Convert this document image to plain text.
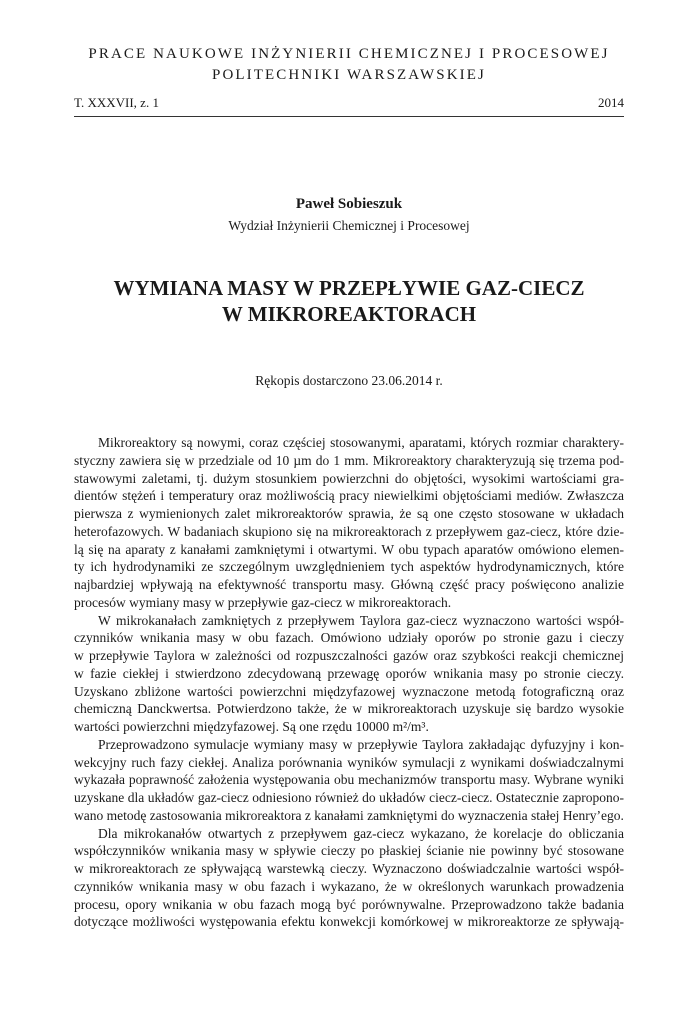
PRACE NAUKOWE INŻYNIERII CHEMICZNEJ I PROCESOWEJ
POLITECHNIKI WARSZAWSKIEJ
T. XXXVII, z. 1	2014
Paweł Sobieszuk
Wydział Inżynierii Chemicznej i Procesowej
WYMIANA MASY W PRZEPŁYWIE GAZ-CIECZ
W MIKROREAKTORACH
Rękopis dostarczono 23.06.2014 r.
Mikroreaktory są nowymi, coraz częściej stosowanymi, aparatami, których rozmiar charaktery-
styczny zawiera się w przedziale od 10 µm do 1 mm. Mikroreaktory charakteryzują się trzema pod-
stawowymi zaletami, tj. dużym stosunkiem powierzchni do objętości, wysokimi wartościami gra-
dientów stężeń i temperatury oraz możliwością pracy niewielkimi objętościami mediów. Zwłaszcza
pierwsza z wymienionych zalet mikroreaktorów sprawia, że są one często stosowane w układach
heterofazowych. W badaniach skupiono się na mikroreaktorach z przepływem gaz-ciecz, które dzie-
lą się na aparaty z kanałami zamkniętymi i otwartymi. W obu typach aparatów omówiono elemen-
ty ich hydrodynamiki ze szczególnym uwzględnieniem tych aspektów hydrodynamicznych, które
najbardziej wpływają na efektywność transportu masy. Główną część pracy poświęcono analizie
procesów wymiany masy w przepływie gaz-ciecz w mikroreaktorach.
W mikrokanałach zamkniętych z przepływem Taylora gaz-ciecz wyznaczono wartości współ-
czynników wnikania masy w obu fazach. Omówiono udziały oporów po stronie gazu i cieczy
w przepływie Taylora w zależności od rozpuszczalności gazów oraz szybkości reakcji chemicznej
w fazie ciekłej i stwierdzono zdecydowaną przewagę oporów wnikania masy po stronie cieczy.
Uzyskano zbliżone wartości powierzchni międzyfazowej wyznaczone metodą fotograficzną oraz
chemiczną Danckwertsa. Potwierdzono także, że w mikroreaktorach uzyskuje się bardzo wysokie
wartości powierzchni międzyfazowej. Są one rzędu 10000 m²/m³.
Przeprowadzono symulacje wymiany masy w przepływie Taylora zakładając dyfuzyjny i kon-
wekcyjny ruch fazy ciekłej. Analiza porównania wyników symulacji z wynikami doświadczalnymi
wykazała poprawność założenia występowania obu mechanizmów transportu masy. Wybrane wyniki
uzyskane dla układów gaz-ciecz odniesiono również do układów ciecz-ciecz. Ostatecznie zapropono-
wano metodę zastosowania mikroreaktora z kanałami zamkniętymi do wyznaczenia stałej Henry’ego.
Dla mikrokanałów otwartych z przepływem gaz-ciecz wykazano, że korelacje do obliczania
współczynników wnikania masy w spływie cieczy po płaskiej ścianie nie powinny być stosowane
w mikroreaktorach ze spływającą warstewką cieczy. Wyznaczono doświadczalnie wartości współ-
czynników wnikania masy w obu fazach i wykazano, że w określonych warunkach prowadzenia
procesu, opory wnikania w obu fazach mogą być porównywalne. Przeprowadzono także badania
dotyczące możliwości występowania efektu konwekcji komórkowej w mikroreaktorze ze spływają-
